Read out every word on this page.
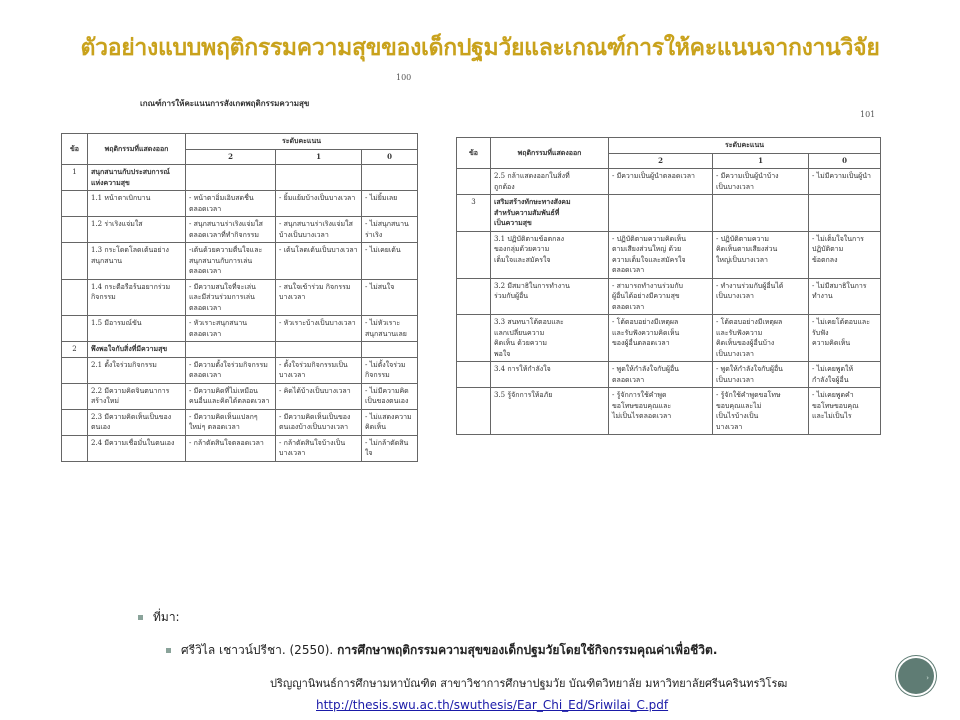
ตัวอย่างแบบพฤติกรรมความสุขของเด็กปฐมวัยและเกณฑ์การให้คะแนนจากงานวิจัย
100
เกณฑ์การให้คะแนนการสังเกตพฤติกรรมความสุข
ข้อ	พฤติกรรมที่แสดงออก	ระดับคะแนน		
		2	1	0
1	สนุกสนานกับประสบการณ์
แห่งความสุข			

	1.1 หน้าตาเบิกบาน	- หน้าตาอิ่มเอิบสดชื่น
ตลอดเวลา	- ยิ้มแย้มบ้างเป็นบางเวลา	- ไม่ยิ้มเลย

	1.2 ร่าเริงแจ่มใส	- สนุกสนานร่าเริงแจ่มใส
ตลอดเวลาที่ทำกิจกรรม	- สนุกสนานร่าเริงแจ่มใส
บ้างเป็นบางเวลา	- ไม่สนุกสนาน
ร่าเริง

	1.3 กระโดดโลดเต้นอย่าง
สนุกสนาน	-เต้นด้วยความตื่นใจและ
สนุกสนานกับการเล่น
ตลอดเวลา	- เต้นโลดเต้นเป็นบางเวลา	- ไม่เคยเต้น

	1.4 กระตือรือร้นอยากร่วม
กิจกรรม	- มีความสนใจที่จะเล่น
และมีส่วนร่วมการเล่น
ตลอดเวลา	- สนใจเข้าร่วม กิจกรรม
บางเวลา	- ไม่สนใจ

	1.5 มีอารมณ์ขัน	- หัวเราะสนุกสนาน
ตลอดเวลา	- หัวเราะบ้างเป็นบางเวลา	- ไม่หัวเราะ
สนุกสนานเลย

2	พึงพอใจกับสิ่งที่มีความสุข			

	2.1 ตั้งใจร่วมกิจกรรม	- มีความตั้งใจร่วมกิจกรรม
ตลอดเวลา	- ตั้งใจร่วมกิจกรรมเป็น
บางเวลา	- ไม่ตั้งใจร่วม
กิจกรรม

	2.2 มีความคิดจินตนาการ
สร้างใหม่	- มีความคิดที่ไม่เหมือน
คนอื่นและคิดได้ตลอดเวลา	- คิดได้บ้างเป็นบางเวลา	- ไม่มีความคิด
เป็นของตนเอง

	2.3 มีความคิดเห็นเป็นของ
ตนเอง	- มีความคิดเห็นแปลกๆ
ใหม่ๆ ตลอดเวลา	- มีความคิดเห็นเป็นของ
ตนเองบ้างเป็นบางเวลา	- ไม่แสดงความ
คิดเห็น

	2.4 มีความเชื่อมั่นในตนเอง	- กล้าตัดสินใจตลอดเวลา	- กล้าตัดสินใจบ้างเป็น
บางเวลา	- ไม่กล้าตัดสินใจ
101
ข้อ	พฤติกรรมที่แสดงออก	ระดับคะแนน		
		2	1	0

	2.5 กล้าแสดงออกในสิ่งที่
ถูกต้อง	- มีความเป็นผู้นำตลอดเวลา	- มีความเป็นผู้นำบ้าง
เป็นบางเวลา	- ไม่มีความเป็นผู้นำ

3	เสริมสร้างทักษะทางสังคม
สำหรับความสัมพันธ์ที่
เป็นความสุข			

	3.1 ปฏิบัติตามข้อตกลง
ของกลุ่มด้วยความ
เต็มใจและสมัครใจ	- ปฏิบัติตามความคิดเห็น
ตามเสียงส่วนใหญ่ ด้วย
ความเต็มใจและสมัครใจ
ตลอดเวลา	- ปฏิบัติตามความ
คิดเห็นตามเสียงส่วน
ใหญ่เป็นบางเวลา	- ไม่เต็มใจในการ
ปฏิบัติตาม
ข้อตกลง

	3.2 มีสมาธิในการทำงาน
ร่วมกับผู้อื่น	- สามารถทำงานร่วมกับ
ผู้อื่นได้อย่างมีความสุข
ตลอดเวลา	- ทำงานร่วมกับผู้อื่นได้
เป็นบางเวลา	- ไม่มีสมาธิในการ
ทำงาน

	3.3 สนทนาโต้ตอบและ
แลกเปลี่ยนความ
คิดเห็น ด้วยความ
พอใจ	- โต้ตอบอย่างมีเหตุผล
และรับฟังความคิดเห็น
ของผู้อื่นตลอดเวลา	- โต้ตอบอย่างมีเหตุผล
และรับฟังความ
คิดเห็นของผู้อื่นบ้าง
เป็นบางเวลา	- ไม่เคยโต้ตอบและ
รับฟัง
ความคิดเห็น

	3.4 การให้กำลังใจ	- พูดให้กำลังใจกับผู้อื่น
ตลอดเวลา	- พูดให้กำลังใจกับผู้อื่น
เป็นบางเวลา	- ไม่เคยพูดให้
กำลังใจผู้อื่น

	3.5 รู้จักการให้อภัย	- รู้จักการใช้คำพูด
ขอโทษขอบคุณและ
ไม่เป็นไรตลอดเวลา	- รู้จักใช้คำพูดขอโทษ
ขอบคุณและไม่
เป็นไรบ้างเป็น
บางเวลา	- ไม่เคยพูดคำ
ขอโทษขอบคุณ
และไม่เป็นไร
ที่มา:
ศรีวิไล เชาวน์ปรีชา. (2550). การศึกษาพฤติกรรมความสุขของเด็กปฐมวัยโดยใช้กิจกรรมคุณค่าเพื่อชีวิต.
ปริญญานิพนธ์การศึกษามหาบัณฑิต สาขาวิชาการศึกษาปฐมวัย บัณฑิตวิทยาลัย มหาวิทยาลัยศรีนครินทรวิโรฒ
http://thesis.swu.ac.th/swuthesis/Ear_Chi_Ed/Sriwilai_C.pdf
›
